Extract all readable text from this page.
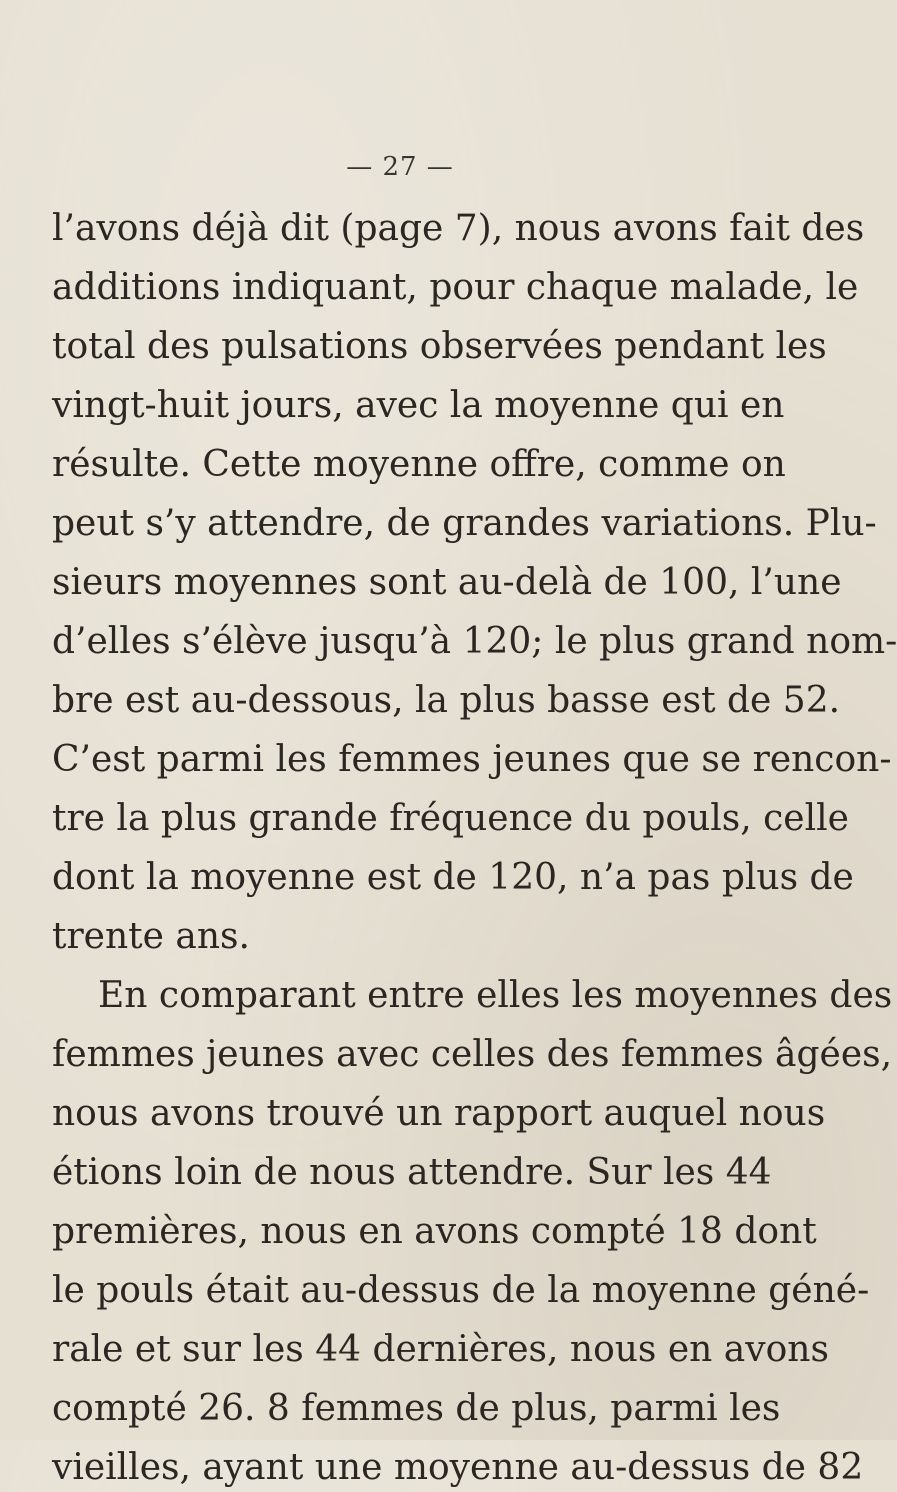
— 27 —
l’avons déjà dit (page 7), nous avons fait des
additions indiquant, pour chaque malade, le
total des pulsations observées pendant les
vingt-huit jours, avec la moyenne qui en
résulte. Cette moyenne offre, comme on
peut s’y attendre, de grandes variations. Plu-
sieurs moyennes sont au-delà de 100, l’une
d’elles s’élève jusqu’à 120; le plus grand nom-
bre est au-dessous, la plus basse est de 52.
C’est parmi les femmes jeunes que se rencon-
tre la plus grande fréquence du pouls, celle
dont la moyenne est de 120, n’a pas plus de
trente ans.
En comparant entre elles les moyennes des
femmes jeunes avec celles des femmes âgées,
nous avons trouvé un rapport auquel nous
étions loin de nous attendre. Sur les 44
premières, nous en avons compté 18 dont
le pouls était au-dessus de la moyenne géné-
rale et sur les 44 dernières, nous en avons
compté 26. 8 femmes de plus, parmi les
vieilles, ayant une moyenne au-dessus de 82
